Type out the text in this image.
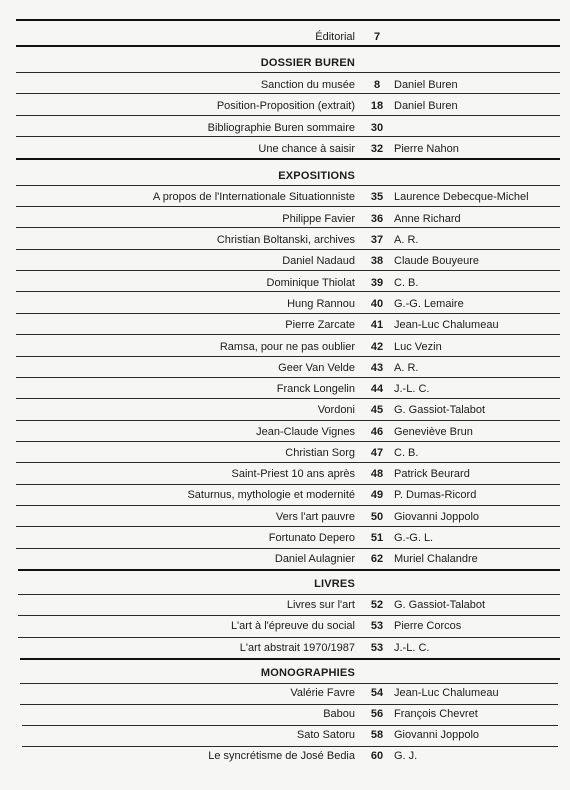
Éditorial	7
DOSSIER BUREN
Sanction du musée	8	Daniel Buren
Position-Proposition (extrait)	18 Daniel Buren
Bibliographie Buren sommaire	30
Une chance à saisir	32 Pierre Nahon
EXPOSITIONS
A propos de l'Internationale Situationniste	35 Laurence Debecque-Michel
Philippe Favier	36 Anne Richard
Christian Boltanski, archives	37 A. R.
Daniel Nadaud	38 Claude Bouyeure
Dominique Thiolat	39 C. B.
Hung Rannou	40 G.-G. Lemaire
Pierre Zarcate	41 Jean-Luc Chalumeau
Ramsa, pour ne pas oublier	42 Luc Vezin
Geer Van Velde	43 A. R.
Franck Longelin	44 J.-L. C.
Vordoni	45 G. Gassiot-Talabot
Jean-Claude Vignes	46 Geneviève Brun
Christian Sorg	47 C. B.
Saint-Priest 10 ans après	48 Patrick Beurard
Saturnus, mythologie et modernité	49 P. Dumas-Ricord
Vers l'art pauvre	50 Giovanni Joppolo
Fortunato Depero	51 G.-G. L.
Daniel Aulagnier	62 Muriel Chalandre
LIVRES
Livres sur l'art	52 G. Gassiot-Talabot
L'art à l'épreuve du social	53 Pierre Corcos
L'art abstrait 1970/1987	53 J.-L. C.
MONOGRAPHIES
Valérie Favre	54 Jean-Luc Chalumeau
Babou	56 François Chevret
Sato Satoru	58 Giovanni Joppolo
Le syncrétisme de José Bedia	60 G. J.
